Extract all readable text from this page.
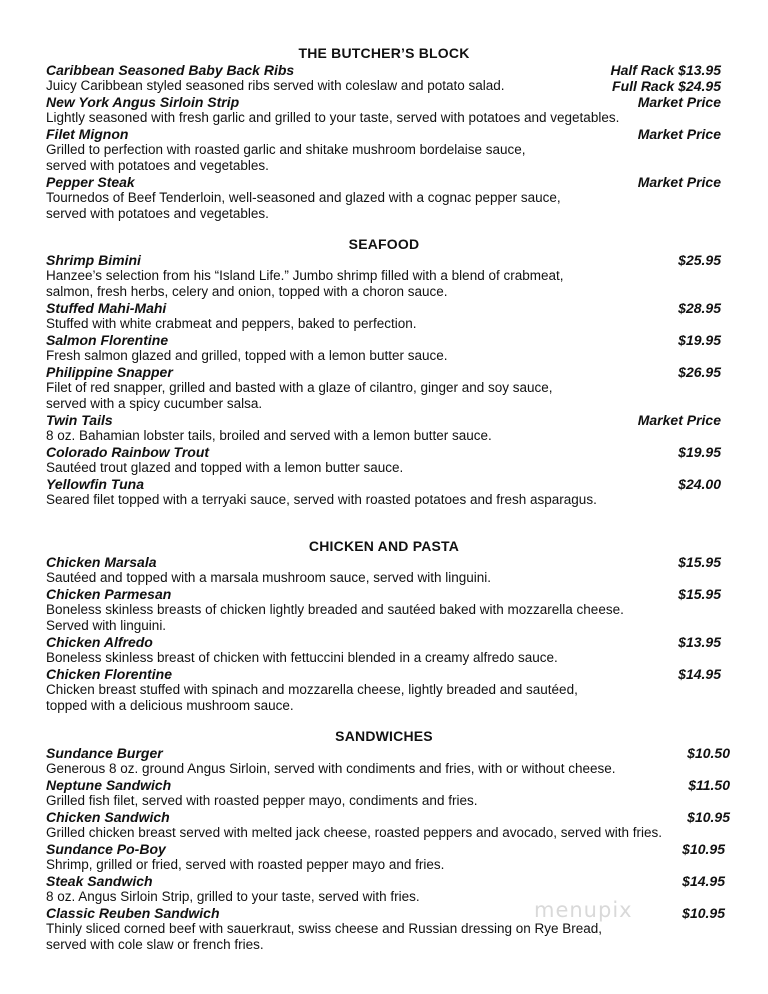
THE BUTCHER’S BLOCK
Caribbean Seasoned Baby Back Ribs	Half Rack $13.95
Juicy Caribbean styled seasoned ribs served with coleslaw and potato salad.	Full Rack $24.95
New York Angus Sirloin Strip	Market Price
Lightly seasoned with fresh garlic and grilled to your taste, served with potatoes and vegetables.
Filet Mignon	Market Price
Grilled to perfection with roasted garlic and shitake mushroom bordelaise sauce,
served with potatoes and vegetables.
Pepper Steak	Market Price
Tournedos of Beef Tenderloin, well-seasoned and glazed with a cognac pepper sauce,
served with potatoes and vegetables.
SEAFOOD
Shrimp Bimini	$25.95
Hanzee’s selection from his “Island Life.” Jumbo shrimp filled with a blend of crabmeat,
salmon, fresh herbs, celery and onion, topped with a choron sauce.
Stuffed Mahi-Mahi	$28.95
Stuffed with white crabmeat and peppers, baked to perfection.
Salmon Florentine	$19.95
Fresh salmon glazed and grilled, topped with a lemon butter sauce.
Philippine Snapper	$26.95
Filet of red snapper, grilled and basted with a glaze of cilantro, ginger and soy sauce,
served with a spicy cucumber salsa.
Twin Tails	Market Price
8 oz. Bahamian lobster tails, broiled and served with a lemon butter sauce.
Colorado Rainbow Trout	$19.95
Sautéed trout glazed and topped with a lemon butter sauce.
Yellowfin Tuna	$24.00
Seared filet topped with a terryaki sauce, served with roasted potatoes and fresh asparagus.
CHICKEN AND PASTA
Chicken Marsala	$15.95
Sautéed and topped with a marsala mushroom sauce, served with linguini.
Chicken Parmesan	$15.95
Boneless skinless breasts of chicken lightly breaded and sautéed baked with mozzarella cheese.
Served with linguini.
Chicken Alfredo	$13.95
Boneless skinless breast of chicken with fettuccini blended in a creamy alfredo sauce.
Chicken Florentine	$14.95
Chicken breast stuffed with spinach and mozzarella cheese, lightly breaded and sautéed,
topped with a delicious mushroom sauce.
SANDWICHES
Sundance Burger	$10.50
Generous 8 oz. ground Angus Sirloin, served with condiments and fries, with or without cheese.
Neptune Sandwich	$11.50
Grilled fish filet, served with roasted pepper mayo, condiments and fries.
Chicken Sandwich	$10.95
Grilled chicken breast served with melted jack cheese, roasted peppers and avocado, served with fries.
Sundance Po-Boy	$10.95
Shrimp, grilled or fried, served with roasted pepper mayo and fries.
Steak Sandwich	$14.95
8 oz. Angus Sirloin Strip, grilled to your taste, served with fries.
Classic Reuben Sandwich	$10.95
Thinly sliced corned beef with sauerkraut, swiss cheese and Russian dressing on Rye Bread,
served with cole slaw or french fries.
menupix
